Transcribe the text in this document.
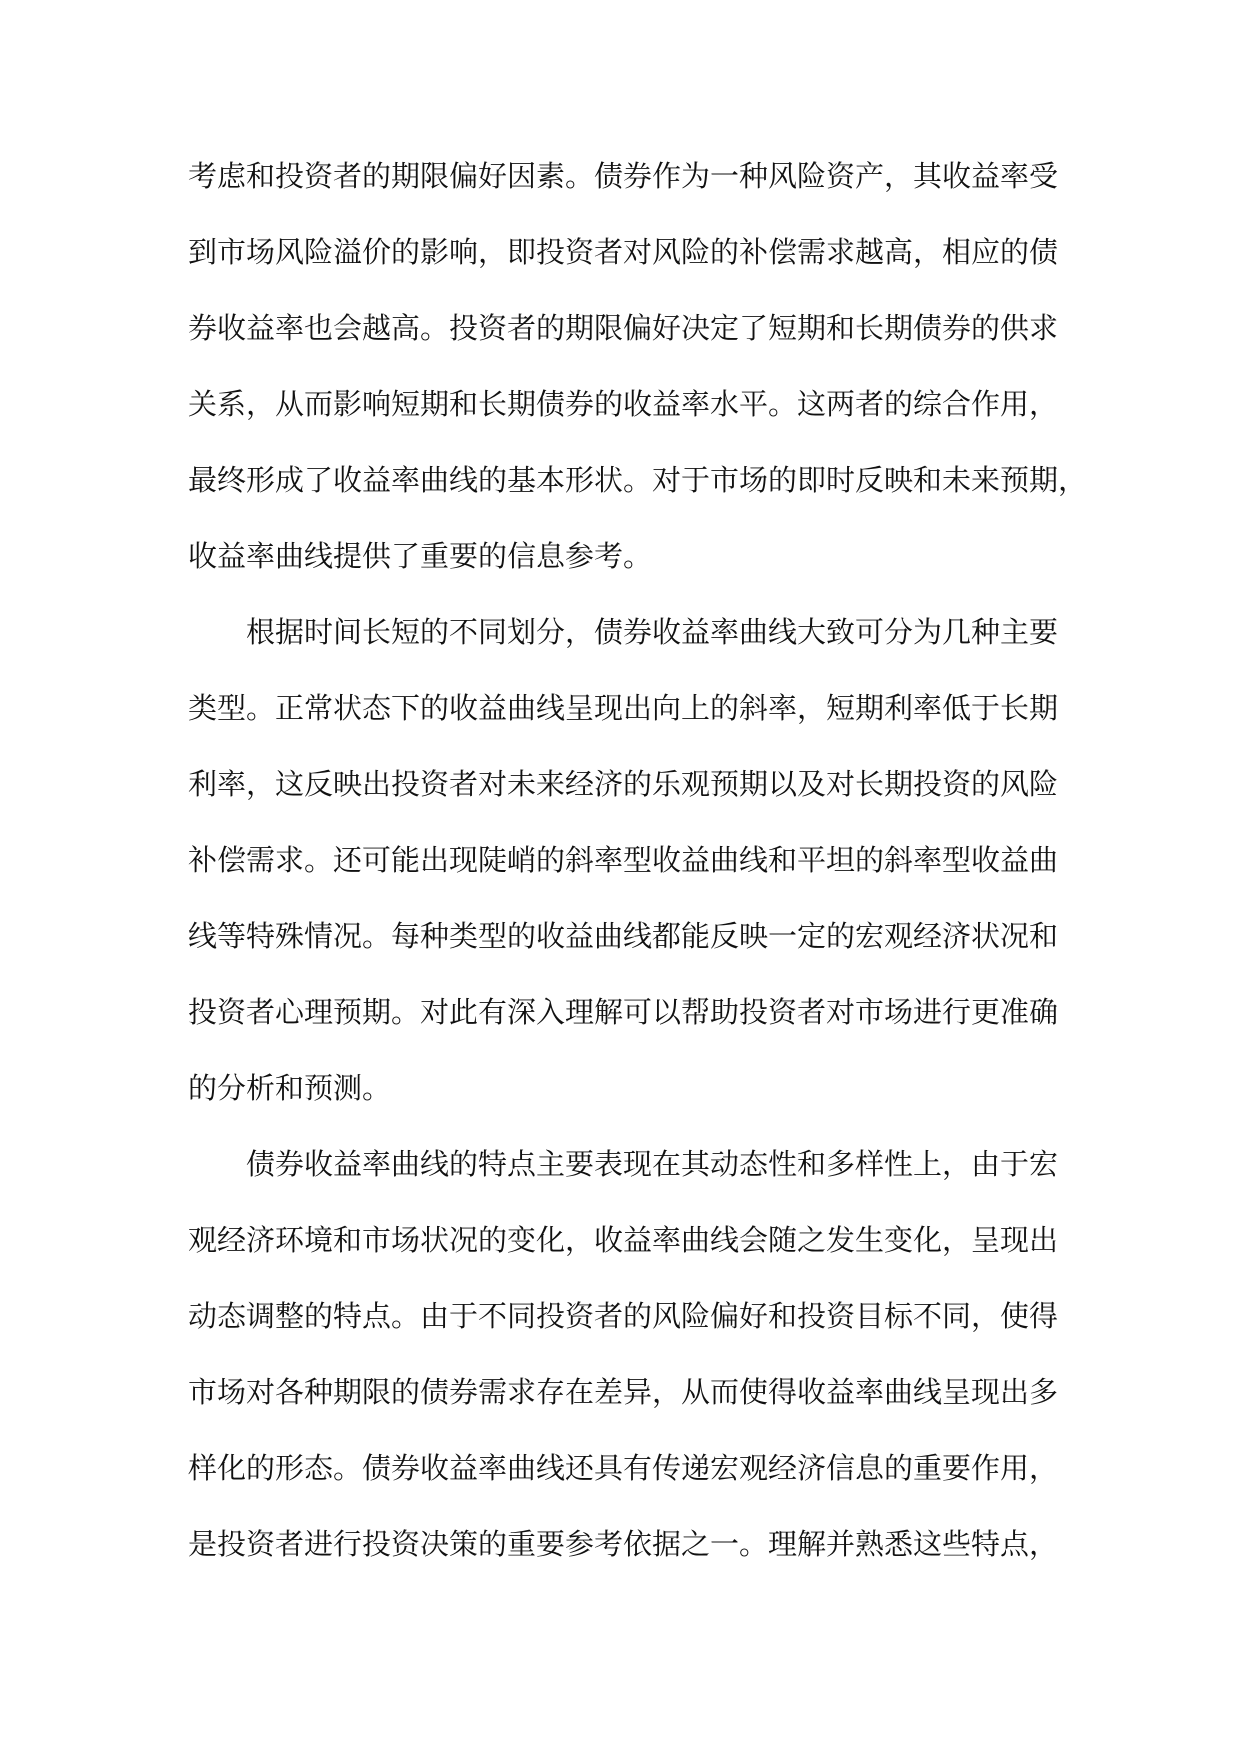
考虑和投资者的期限偏好因素。债券作为一种风险资产，其收益率受
到市场风险溢价的影响，即投资者对风险的补偿需求越高，相应的债
券收益率也会越高。投资者的期限偏好决定了短期和长期债券的供求
关系，从而影响短期和长期债券的收益率水平。这两者的综合作用，
最终形成了收益率曲线的基本形状。对于市场的即时反映和未来预期，
收益率曲线提供了重要的信息参考。
根据时间长短的不同划分，债券收益率曲线大致可分为几种主要
类型。正常状态下的收益曲线呈现出向上的斜率，短期利率低于长期
利率，这反映出投资者对未来经济的乐观预期以及对长期投资的风险
补偿需求。还可能出现陡峭的斜率型收益曲线和平坦的斜率型收益曲
线等特殊情况。每种类型的收益曲线都能反映一定的宏观经济状况和
投资者心理预期。对此有深入理解可以帮助投资者对市场进行更准确
的分析和预测。
债券收益率曲线的特点主要表现在其动态性和多样性上，由于宏
观经济环境和市场状况的变化，收益率曲线会随之发生变化，呈现出
动态调整的特点。由于不同投资者的风险偏好和投资目标不同，使得
市场对各种期限的债券需求存在差异，从而使得收益率曲线呈现出多
样化的形态。债券收益率曲线还具有传递宏观经济信息的重要作用，
是投资者进行投资决策的重要参考依据之一。理解并熟悉这些特点，
